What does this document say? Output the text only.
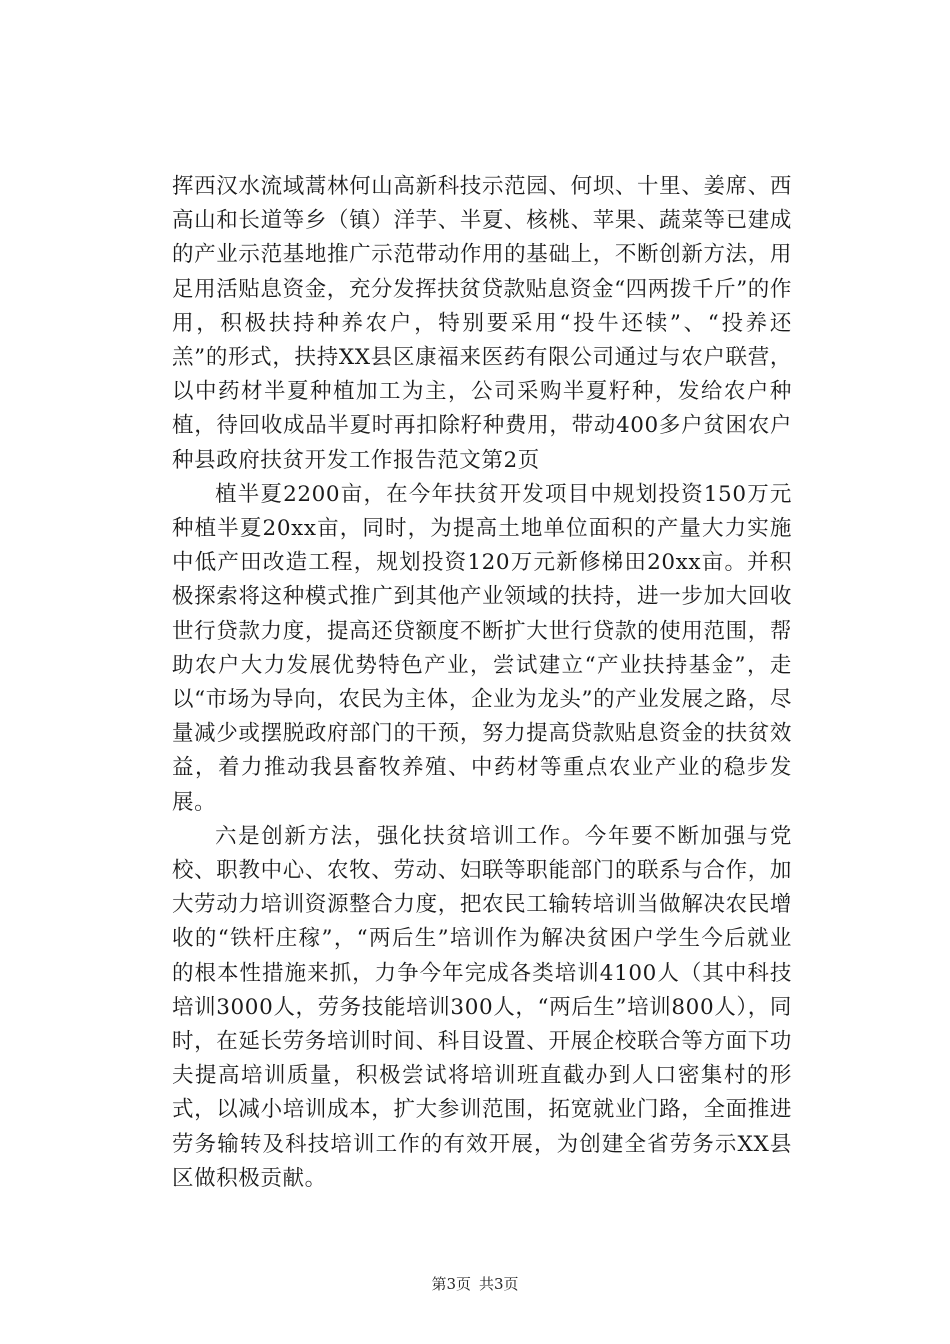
挥西汉水流域蒿林何山高新科技示范园、何坝、十里、姜席、西高山和长道等乡（镇）洋芋、半夏、核桃、苹果、蔬菜等已建成的产业示范基地推广示范带动作用的基础上，不断创新方法，用足用活贴息资金，充分发挥扶贫贷款贴息资金“四两拨千斤”的作用，积极扶持种养农户，特别要采用“投牛还犊”、“投养还羔”的形式，扶持XX县区康福来医药有限公司通过与农户联营，以中药材半夏种植加工为主，公司采购半夏籽种，发给农户种植，待回收成品半夏时再扣除籽种费用，带动400多户贫困农户种县政府扶贫开发工作报告范文第2页

植半夏2200亩，在今年扶贫开发项目中规划投资150万元种植半夏20xx亩，同时，为提高土地单位面积的产量大力实施中低产田改造工程，规划投资120万元新修梯田20xx亩。并积极探索将这种模式推广到其他产业领域的扶持，进一步加大回收世行贷款力度，提高还贷额度不断扩大世行贷款的使用范围，帮助农户大力发展优势特色产业，尝试建立“产业扶持基金”，走以“市场为导向，农民为主体，企业为龙头”的产业发展之路，尽量减少或摆脱政府部门的干预，努力提高贷款贴息资金的扶贫效益，着力推动我县畜牧养殖、中药材等重点农业产业的稳步发展。

六是创新方法，强化扶贫培训工作。今年要不断加强与党校、职教中心、农牧、劳动、妇联等职能部门的联系与合作，加大劳动力培训资源整合力度，把农民工输转培训当做解决农民增收的“铁杆庄稼”，“两后生”培训作为解决贫困户学生今后就业的根本性措施来抓，力争今年完成各类培训4100人（其中科技培训3000人，劳务技能培训300人，“两后生”培训800人），同时，在延长劳务培训时间、科目设置、开展企校联合等方面下功夫提高培训质量，积极尝试将培训班直截办到人口密集村的形式，以减小培训成本，扩大参训范围，拓宽就业门路，全面推进劳务输转及科技培训工作的有效开展，为创建全省劳务示XX县区做积极贡献。

第3页 共3页
